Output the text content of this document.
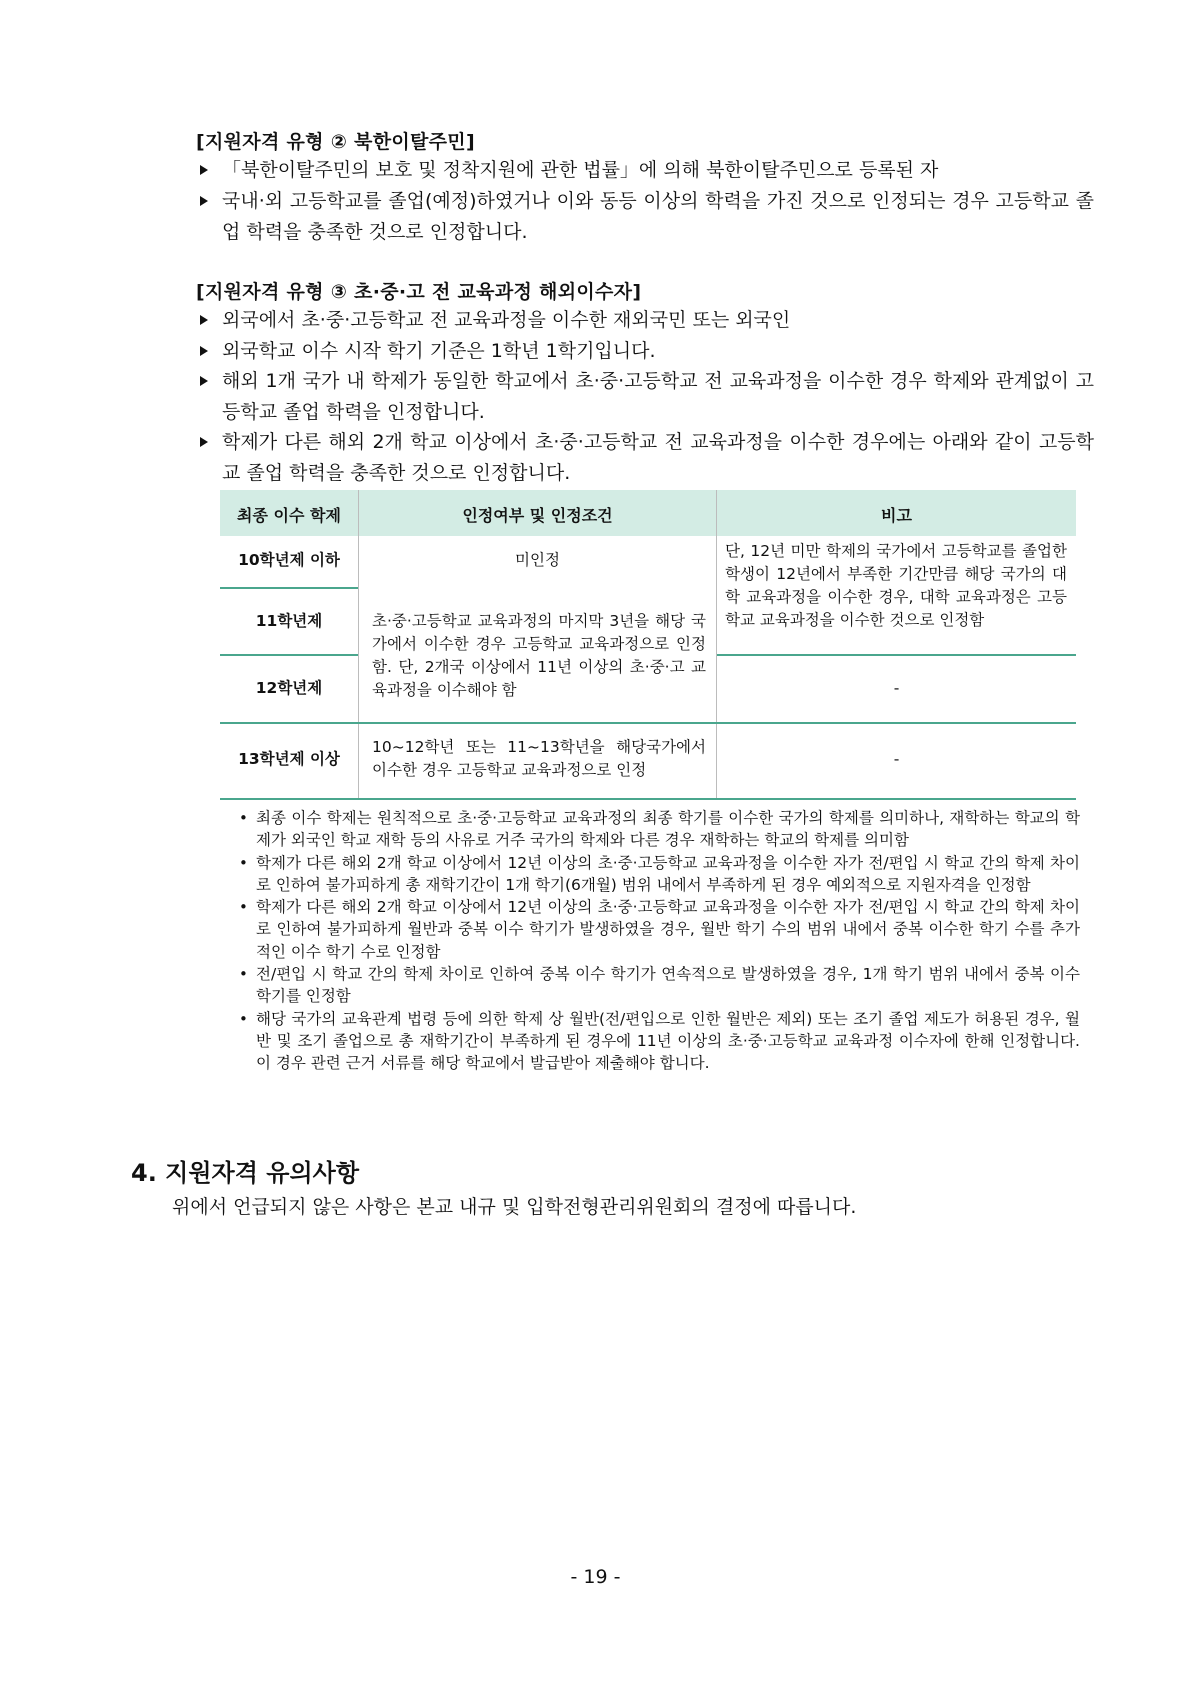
[지원자격 유형 ② 북한이탈주민]
「북한이탈주민의 보호 및 정착지원에 관한 법률」에 의해 북한이탈주민으로 등록된 자
국내·외 고등학교를 졸업(예정)하였거나 이와 동등 이상의 학력을 가진 것으로 인정되는 경우 고등학교 졸업 학력을 충족한 것으로 인정합니다.
[지원자격 유형 ③ 초·중·고 전 교육과정 해외이수자]
외국에서 초·중·고등학교 전 교육과정을 이수한 재외국민 또는 외국인
외국학교 이수 시작 학기 기준은 1학년 1학기입니다.
해외 1개 국가 내 학제가 동일한 학교에서 초·중·고등학교 전 교육과정을 이수한 경우 학제와 관계없이 고등학교 졸업 학력을 인정합니다.
학제가 다른 해외 2개 학교 이상에서 초·중·고등학교 전 교육과정을 이수한 경우에는 아래와 같이 고등학교 졸업 학력을 충족한 것으로 인정합니다.
최종 이수 학제	인정여부 및 인정조건	비고
10학년제 이하
11학년제
12학년제
13학년제 이상
미인정
초·중·고등학교 교육과정의 마지막 3년을 해당 국가에서 이수한 경우 고등학교 교육과정으로 인정함. 단, 2개국 이상에서 11년 이상의 초·중·고 교육과정을 이수해야 함
10~12학년 또는 11~13학년을 해당국가에서 이수한 경우 고등학교 교육과정으로 인정
단, 12년 미만 학제의 국가에서 고등학교를 졸업한 학생이 12년에서 부족한 기간만큼 해당 국가의 대학 교육과정을 이수한 경우, 대학 교육과정은 고등학교 교육과정을 이수한 것으로 인정함
-
-
• 최종 이수 학제는 원칙적으로 초·중·고등학교 교육과정의 최종 학기를 이수한 국가의 학제를 의미하나, 재학하는 학교의 학제가 외국인 학교 재학 등의 사유로 거주 국가의 학제와 다른 경우 재학하는 학교의 학제를 의미함
• 학제가 다른 해외 2개 학교 이상에서 12년 이상의 초·중·고등학교 교육과정을 이수한 자가 전/편입 시 학교 간의 학제 차이로 인하여 불가피하게 총 재학기간이 1개 학기(6개월) 범위 내에서 부족하게 된 경우 예외적으로 지원자격을 인정함
• 학제가 다른 해외 2개 학교 이상에서 12년 이상의 초·중·고등학교 교육과정을 이수한 자가 전/편입 시 학교 간의 학제 차이로 인하여 불가피하게 월반과 중복 이수 학기가 발생하였을 경우, 월반 학기 수의 범위 내에서 중복 이수한 학기 수를 추가적인 이수 학기 수로 인정함
• 전/편입 시 학교 간의 학제 차이로 인하여 중복 이수 학기가 연속적으로 발생하였을 경우, 1개 학기 범위 내에서 중복 이수 학기를 인정함
• 해당 국가의 교육관계 법령 등에 의한 학제 상 월반(전/편입으로 인한 월반은 제외) 또는 조기 졸업 제도가 허용된 경우, 월반 및 조기 졸업으로 총 재학기간이 부족하게 된 경우에 11년 이상의 초·중·고등학교 교육과정 이수자에 한해 인정합니다. 이 경우 관련 근거 서류를 해당 학교에서 발급받아 제출해야 합니다.
4. 지원자격 유의사항
위에서 언급되지 않은 사항은 본교 내규 및 입학전형관리위원회의 결정에 따릅니다.
- 19 -
